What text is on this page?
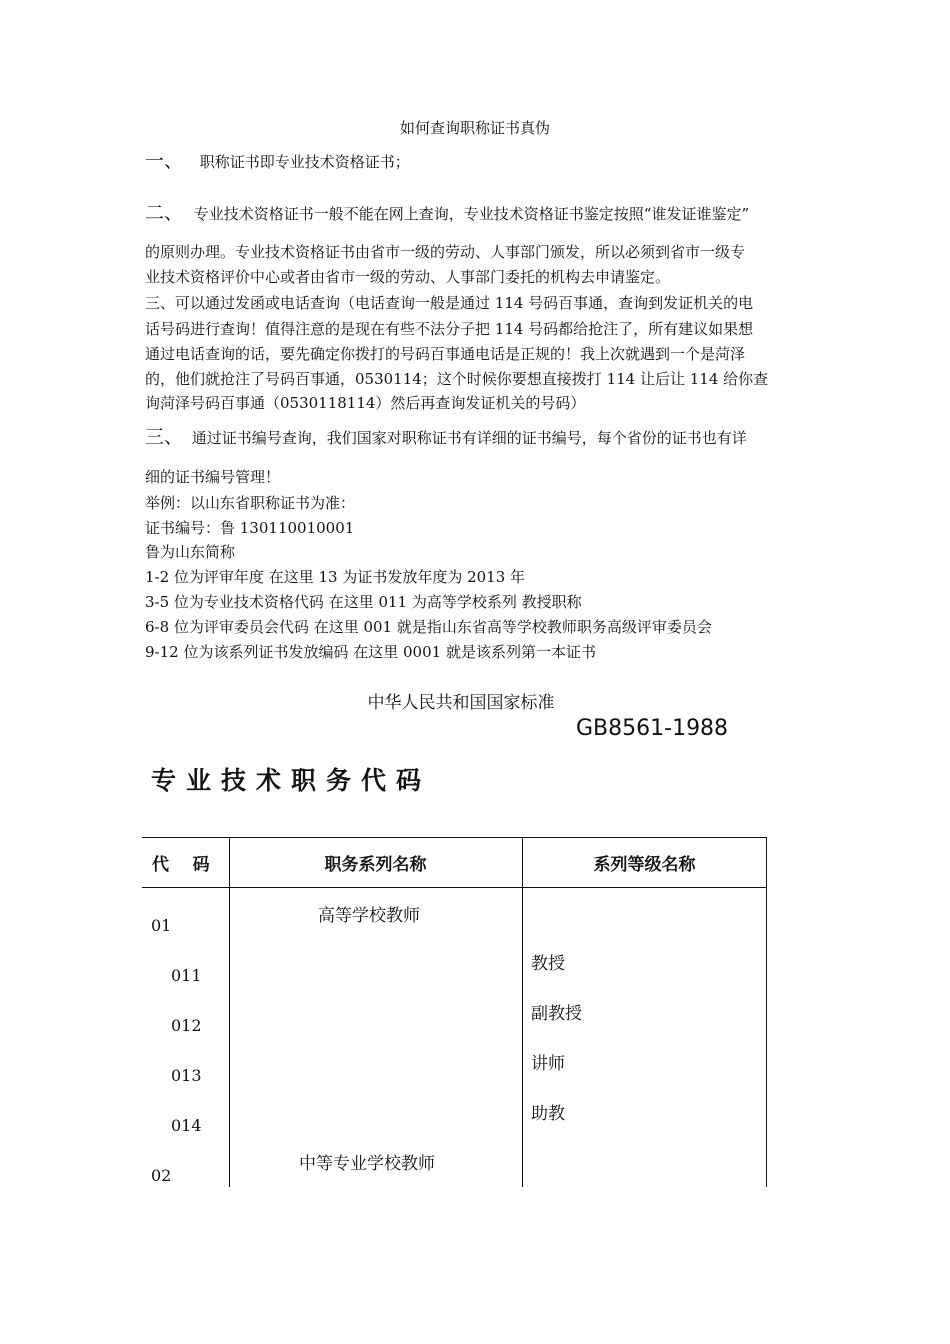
如何查询职称证书真伪
一、 职称证书即专业技术资格证书；
二、 专业技术资格证书一般不能在网上查询，专业技术资格证书鉴定按照“谁发证谁鉴定”
的原则办理。专业技术资格证书由省市一级的劳动、人事部门颁发，所以必须到省市一级专
业技术资格评价中心或者由省市一级的劳动、人事部门委托的机构去申请鉴定。
三、可以通过发函或电话查询（电话查询一般是通过 114 号码百事通，查询到发证机关的电
话号码进行查询！值得注意的是现在有些不法分子把 114 号码都给抢注了，所有建议如果想
通过电话查询的话，要先确定你拨打的号码百事通电话是正规的！我上次就遇到一个是菏泽
的，他们就抢注了号码百事通，0530114；这个时候你要想直接拨打 114 让后让 114 给你查
询菏泽号码百事通（0530118114）然后再查询发证机关的号码）
三、 通过证书编号查询，我们国家对职称证书有详细的证书编号，每个省份的证书也有详
细的证书编号管理！
举例：以山东省职称证书为准：
证书编号：鲁 130110010001
鲁为山东简称
1-2 位为评审年度 在这里 13 为证书发放年度为 2013 年
3-5 位为专业技术资格代码 在这里 011 为高等学校系列 教授职称
6-8 位为评审委员会代码 在这里 001 就是指山东省高等学校教师职务高级评审委员会
9-12 位为该系列证书发放编码 在这里 0001 就是该系列第一本证书
中华人民共和国国家标准
GB8561-1988
专业技术职务代码
代    码	职务系列名称	系列等级名称
01
011
012
013
014
02
高等学校教师
中等专业学校教师
教授
副教授
讲师
助教
